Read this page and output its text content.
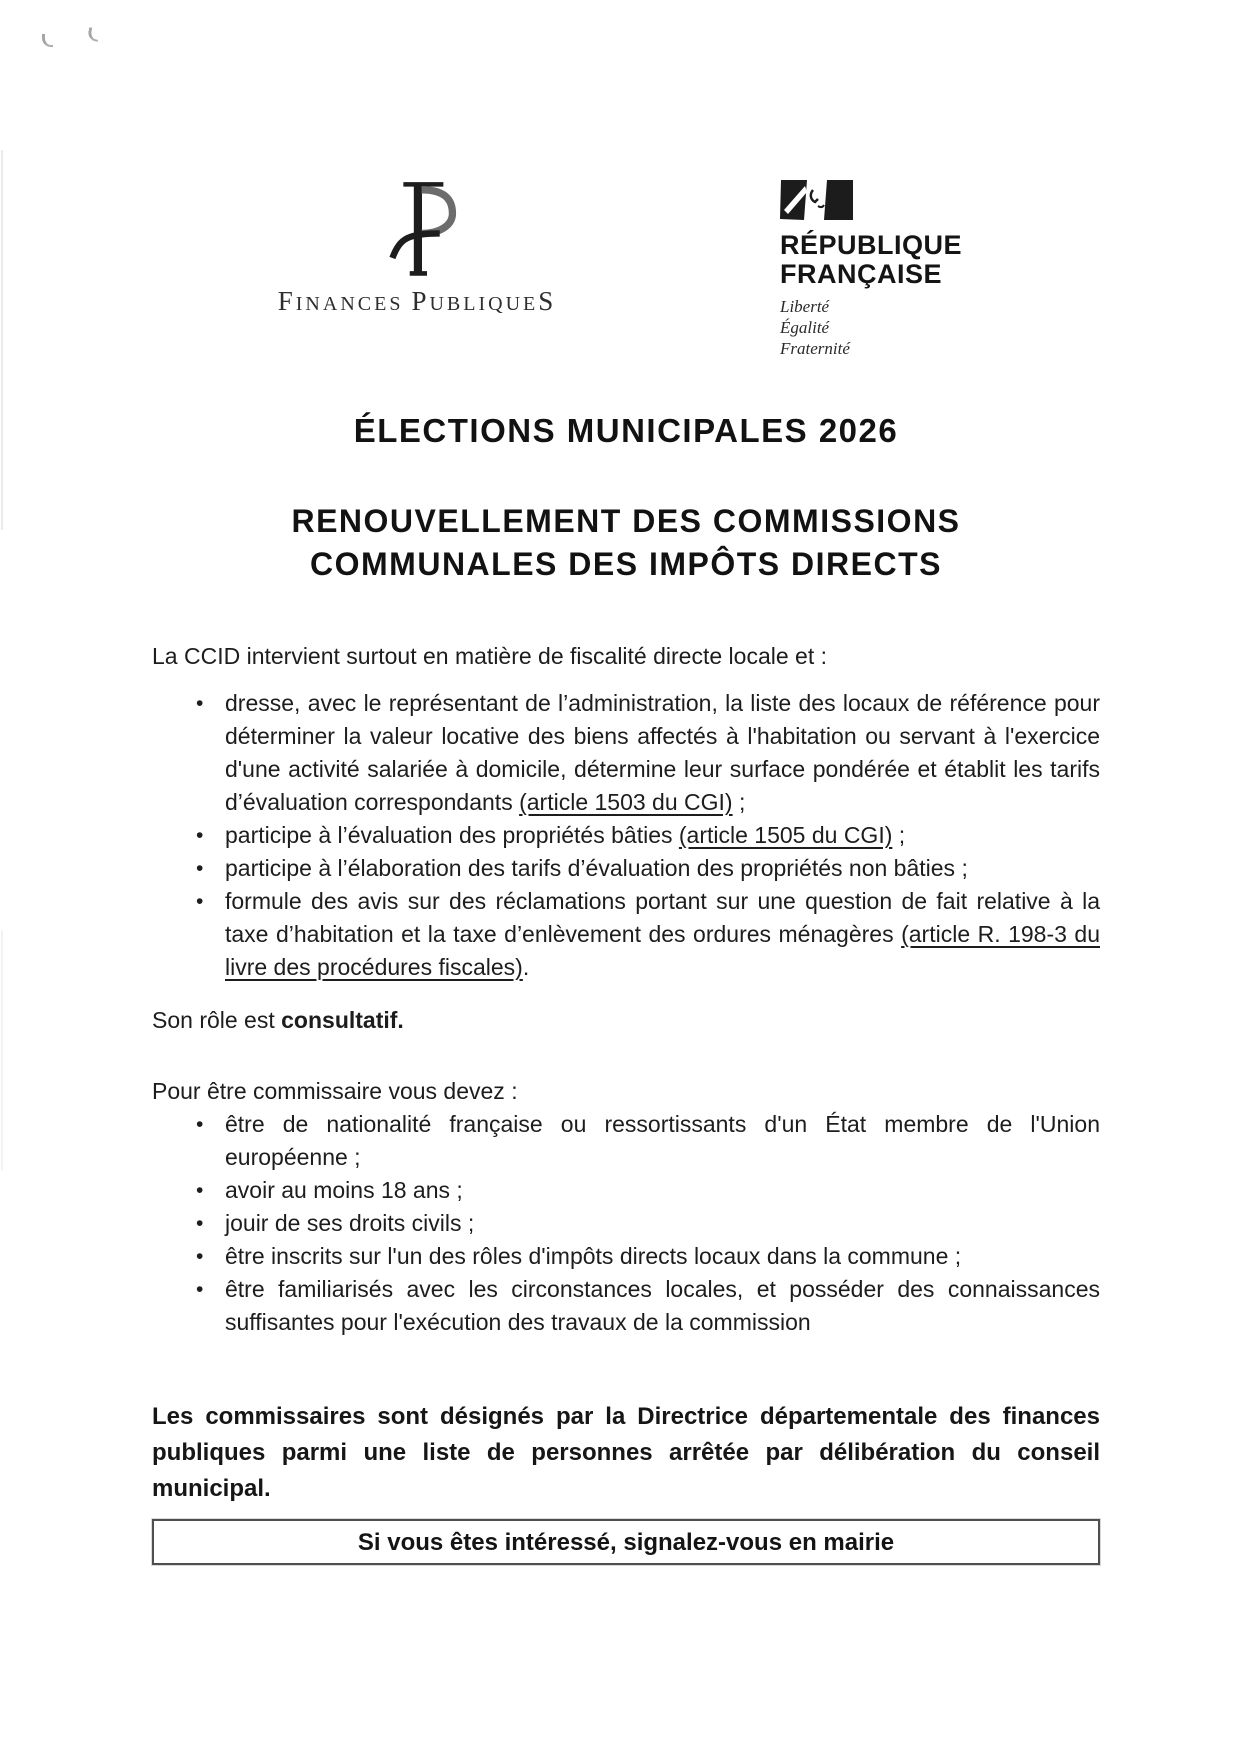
FINANCES PUBLIQUES
RÉPUBLIQUE
FRANÇAISE
Liberté
Égalité
Fraternité
ÉLECTIONS MUNICIPALES 2026
RENOUVELLEMENT DES COMMISSIONS
COMMUNALES DES IMPÔTS DIRECTS

La CCID intervient surtout en matière de fiscalité directe locale et :

• dresse, avec le représentant de l’administration, la liste des locaux de référence pour déterminer la valeur locative des biens affectés à l'habitation ou servant à l'exercice d'une activité salariée à domicile, détermine leur surface pondérée et établit les tarifs d’évaluation correspondants (article 1503 du CGI) ;
• participe à l’évaluation des propriétés bâties (article 1505 du CGI) ;
• participe à l’élaboration des tarifs d’évaluation des propriétés non bâties ;
• formule des avis sur des réclamations portant sur une question de fait relative à la taxe d’habitation et la taxe d’enlèvement des ordures ménagères (article R. 198-3 du livre des procédures fiscales).

Son rôle est consultatif.

Pour être commissaire vous devez :

• être de nationalité française ou ressortissants d'un État membre de l'Union européenne ;
• avoir au moins 18 ans ;
• jouir de ses droits civils ;
• être inscrits sur l'un des rôles d'impôts directs locaux dans la commune ;
• être familiarisés avec les circonstances locales, et posséder des connaissances suffisantes pour l'exécution des travaux de la commission

Les commissaires sont désignés par la Directrice départementale des finances publiques parmi une liste de personnes arrêtée par délibération du conseil municipal.

Si vous êtes intéressé, signalez-vous en mairie
